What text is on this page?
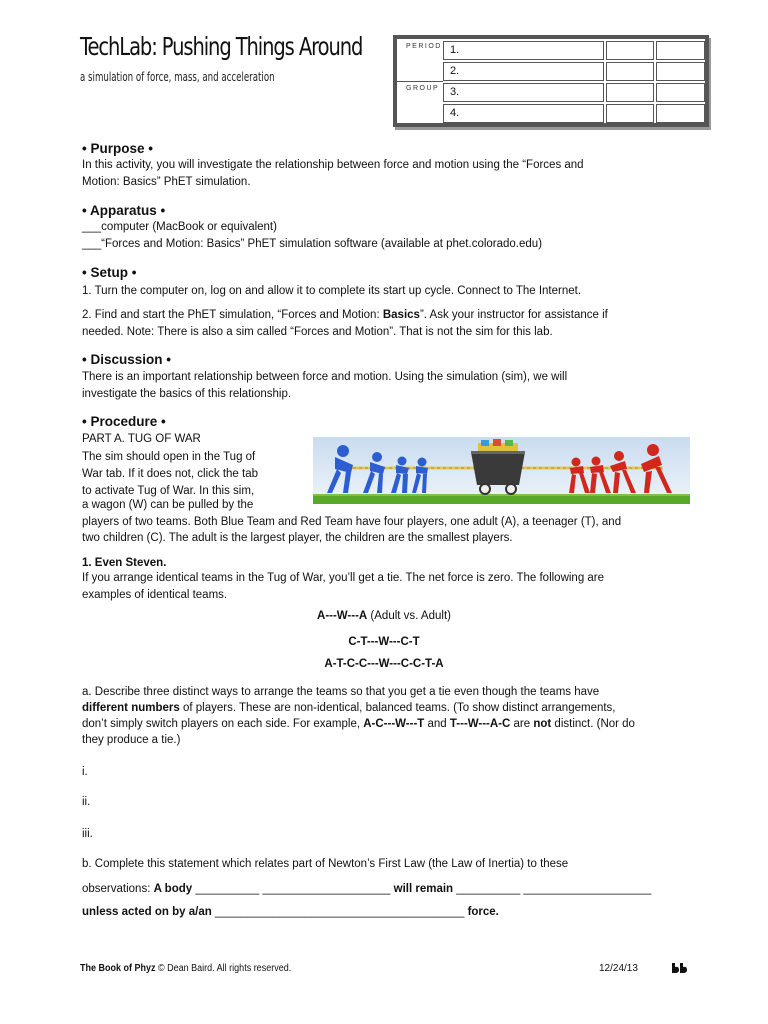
TechLab: Pushing Things Around
a simulation of force, mass, and acceleration
PERIOD
GROUP
1.
2.
3.
4.
• Purpose •
In this activity, you will investigate the relationship between force and motion using the “Forces and
Motion: Basics” PhET simulation.
• Apparatus •
___computer (MacBook or equivalent)
___“Forces and Motion: Basics” PhET simulation software (available at phet.colorado.edu)
• Setup •
1. Turn the computer on, log on and allow it to complete its start up cycle. Connect to The Internet.
2. Find and start the PhET simulation, “Forces and Motion: Basics”. Ask your instructor for assistance if
needed. Note: There is also a sim called “Forces and Motion”. That is not the sim for this lab.
• Discussion •
There is an important relationship between force and motion. Using the simulation (sim), we will
investigate the basics of this relationship.
• Procedure •
PART A. TUG OF WAR
The sim should open in the Tug of
War tab. If it does not, click the tab
to activate Tug of War. In this sim,
a wagon (W) can be pulled by the
players of two teams. Both Blue Team and Red Team have four players, one adult (A), a teenager (T), and
two children (C). The adult is the largest player, the children are the smallest players.
1. Even Steven.
If you arrange identical teams in the Tug of War, you’ll get a tie. The net force is zero. The following are
examples of identical teams.
A---W---A (Adult vs. Adult)
C-T---W---C-T
A-T-C-C---W---C-C-T-A
a. Describe three distinct ways to arrange the teams so that you get a tie even though the teams have
different numbers of players. These are non-identical, balanced teams. (To show distinct arrangements,
don’t simply switch players on each side. For example, A-C---W---T and T---W---A-C are not distinct. (Nor do
they produce a tie.)
i.
ii.
iii.
b. Complete this statement which relates part of Newton’s First Law (the Law of Inertia) to these
observations: A body __________ ____________________ will remain __________ ____________________
unless acted on by a/an _______________________________________ force.
The Book of Phyz © Dean Baird. All rights reserved.	12/24/13
